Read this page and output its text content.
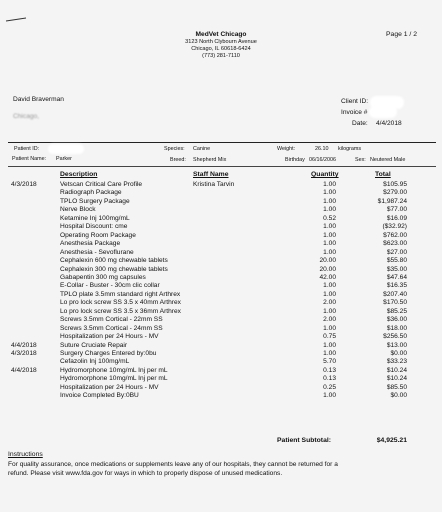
MedVet Chicago
3123 North Clybourn Avenue
Chicago, IL 60618-6424
(773) 281-7110
Page 1 / 2
David Braverman
Chicago,
Client ID:
Invoice #
Date: 4/4/2018
Patient ID:	Species: Canine	Weight:	26.10 kilograms
Patient Name: Parker	Breed: Shepherd Mix	Birthday 06/16/2006	Sex: Neutered Male
Description	Staff Name	Quantity	Total
4/3/2018	Vetscan Critical Care Profile	Kristina Tarvin	1.00	$105.95
Radiograph Package	1.00	$279.00
TPLO Surgery Package	1.00	$1,987.24
Nerve Block	1.00	$77.00
Ketamine Inj 100mg/mL	0.52	$16.09
Hospital Discount: cme	1.00	($32.92)
Operating Room Package	1.00	$762.00
Anesthesia Package	1.00	$623.00
Anesthesia - Sevoflurane	1.00	$27.00
Cephalexin 600 mg chewable tablets	20.00	$55.80
Cephalexin 300 mg chewable tablets	20.00	$35.00
Gabapentin 300 mg capsules	42.00	$47.64
E-Collar - Buster - 30cm clic collar	1.00	$16.35
TPLO plate 3.5mm standard right Arthrex	1.00	$207.40
Lo pro lock screw SS 3.5 x 40mm Arthrex	2.00	$170.50
Lo pro lock screw SS 3.5 x 36mm Arthrex	1.00	$85.25
Screws 3.5mm Cortical - 22mm SS	2.00	$36.00
Screws 3.5mm Cortical - 24mm SS	1.00	$18.00
Hospitalization per 24 Hours - MV	0.75	$256.50
4/4/2018	Suture Cruciate Repair	1.00	$13.00
4/3/2018	Surgery Charges Entered by:0bu	1.00	$0.00
Cefazolin Inj 100mg/mL	5.70	$33.23
4/4/2018	Hydromorphone 10mg/mL Inj per mL	0.13	$10.24
Hydromorphone 10mg/mL Inj per mL	0.13	$10.24
Hospitalization per 24 Hours - MV	0.25	$85.50
Invoice Completed By:0BU	1.00	$0.00
Patient Subtotal:	$4,925.21
Instructions
For quality assurance, once medications or supplements leave any of our hospitals, they cannot be returned for a
refund. Please visit www.fda.gov for ways in which to properly dispose of unused medications.
